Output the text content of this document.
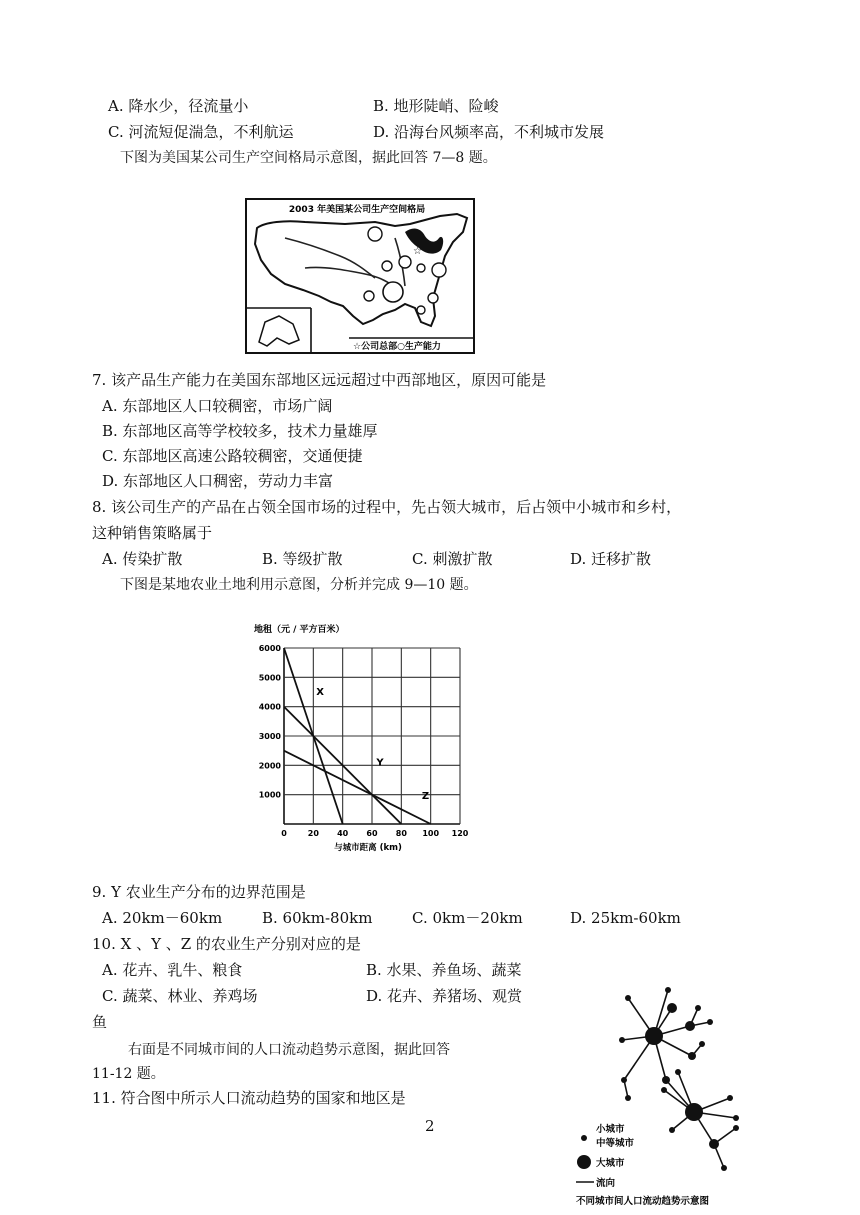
A. 降水少，径流量小	B. 地形陡峭、险峻
C. 河流短促湍急，不利航运	D. 沿海台风频率高，不利城市发展
下图为美国某公司生产空间格局示意图，据此回答 7—8 题。
2003 年美国某公司生产空间格局
☆
☆公司总部○生产能力
7. 该产品生产能力在美国东部地区远远超过中西部地区，原因可能是
A. 东部地区人口较稠密，市场广阔
B. 东部地区高等学校较多，技术力量雄厚
C. 东部地区高速公路较稠密，交通便捷
D. 东部地区人口稠密，劳动力丰富
8. 该公司生产的产品在占领全国市场的过程中，先占领大城市，后占领中小城市和乡村，
这种销售策略属于
A. 传染扩散	B. 等级扩散	C. 刺激扩散	D. 迁移扩散
下图是某地农业土地利用示意图，分析并完成 9—10 题。
地租（元 / 平方百米）
X
Y
Z
0	20 40 60 80 100 120
1000
2000
3000
4000
5000
6000
与城市距离 (km)
9. Y 农业生产分布的边界范围是
A. 20km－60km	B. 60km-80km	C. 0km－20km	D. 25km-60km
10. X 、Y 、Z 的农业生产分别对应的是
A. 花卉、乳牛、粮食	B. 水果、养鱼场、蔬菜
C. 蔬菜、林业、养鸡场	D. 花卉、养猪场、观赏
鱼
右面是不同城市间的人口流动趋势示意图，据此回答
11-12 题。
11. 符合图中所示人口流动趋势的国家和地区是
2	小城市
中等城市
大城市
流向
不同城市间人口流动趋势示意图
